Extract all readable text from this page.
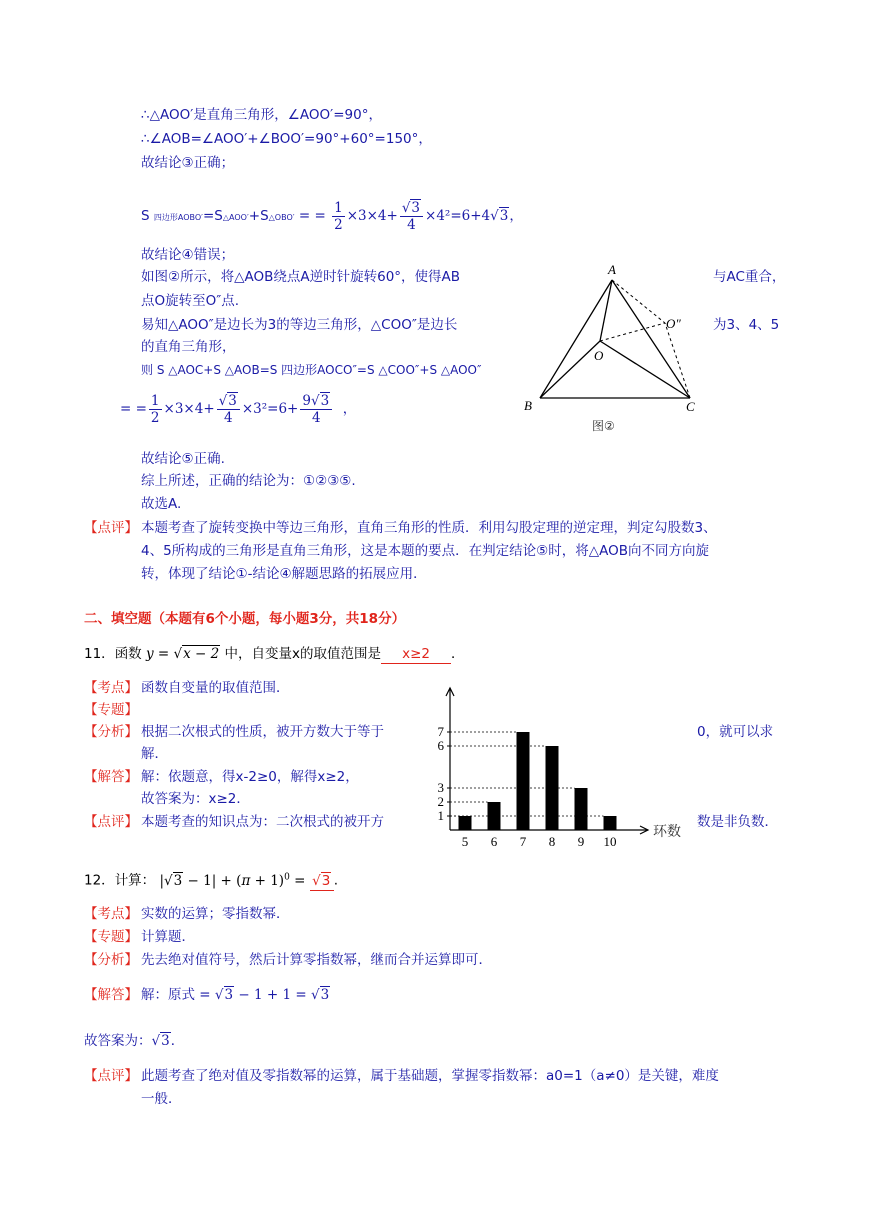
∴△AOO′是直角三角形，∠AOO′=90°，
∴∠AOB=∠AOO′+∠BOO′=90°+60°=150°，
故结论③正确；
S 四边形AOBO′=S△AOO′+S△OBO′ = = $\frac{1}{2} \times 3\times 4+ \frac{√3}{4} \times 4^2=6+4√3$，
故结论④错误；
如图②所示，将△AOB绕点A逆时针旋转60°，使得AB	与AC重合，
点O旋转至O″点.
易知△AOO″是边长为3的等边三角形，△COO″是边长	为3、4、5
的直角三角形，
则 S △AOC+S △AOB=S 四边形AOCO″=S △COO″+S △AOO″
= = $\frac{1}{2} \times 3\times 4+ \frac{√3}{4} \times 3^2=6+ \frac{9√3}{4}$ ，
故结论⑤正确.
综上所述，正确的结论为：①②③⑤.
故选A.
【点评】 本题考查了旋转变换中等边三角形，直角三角形的性质．利用勾股定理的逆定理，判定勾股数3、
4、5所构成的三角形是直角三角形，这是本题的要点．在判定结论⑤时，将△AOB向不同方向旋
转，体现了结论①-结论④解题思路的拓展应用．
A
B	C
O
O″
图②
二、填空题（本题有6个小题，每小题3分，共18分）
11．函数 y = √x − 2 中，自变量x的取值范围是 x≥2 ．
【考点】 函数自变量的取值范围．
【专题】
【分析】 根据二次根式的性质，被开方数大于等于	0，就可以求
解．
【解答】 解：依题意，得x-2≥0，解得x≥2，
故答案为：x≥2．
【点评】 本题考查的知识点为：二次根式的被开方	数是非负数．
1
2
3
6
7
5 6 7 8 9 10
环数
12．计算： $|√3 - 1| + (\pi + 1)^0 = √3$ .
【考点】 实数的运算；零指数幂．
【专题】 计算题．
【分析】 先去绝对值符号，然后计算零指数幂，继而合并运算即可．
【解答】 解：原式 = √3 − 1 + 1 = √3
故答案为：√3．
【点评】 此题考查了绝对值及零指数幂的运算，属于基础题，掌握零指数幂：a0=1（a≠0）是关键，难度
一般．
